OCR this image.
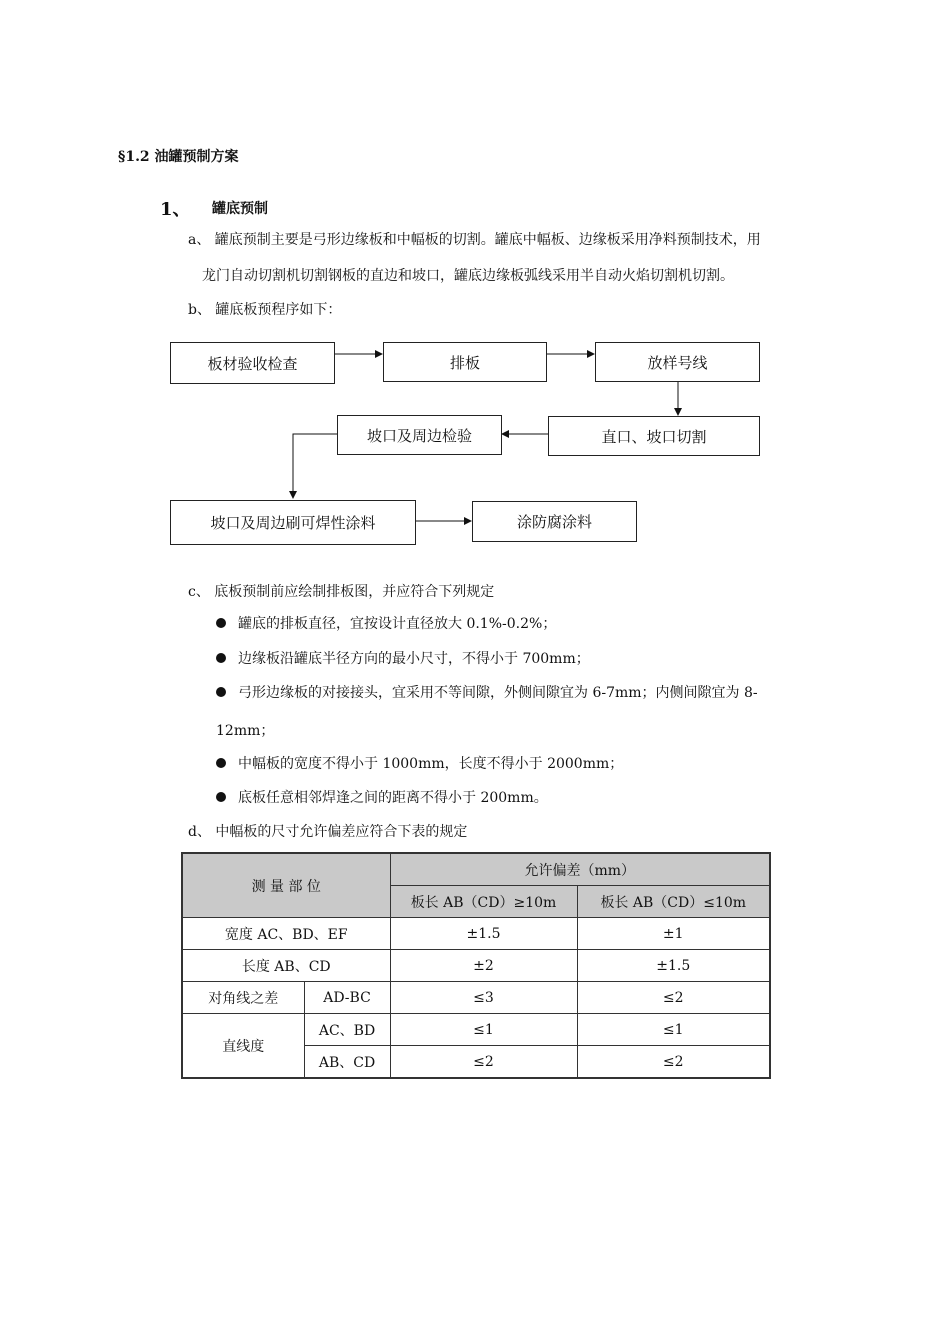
§1.2 油罐预制方案
1、 罐底预制
a、 罐底预制主要是弓形边缘板和中幅板的切割。罐底中幅板、边缘板采用净料预制技术，用
龙门自动切割机切割钢板的直边和坡口，罐底边缘板弧线采用半自动火焰切割机切割。
b、 罐底板预程序如下：
板材验收检查	排板	放样号线
直口、坡口切割
坡口及周边检验
坡口及周边刷可焊性涂料	涂防腐涂料
c、 底板预制前应绘制排板图，并应符合下列规定
罐底的排板直径，宜按设计直径放大 0.1%-0.2%；
边缘板沿罐底半径方向的最小尺寸，不得小于 700mm；
弓形边缘板的对接接头，宜采用不等间隙，外侧间隙宜为 6-7mm；内侧间隙宜为 8-
12mm；
中幅板的宽度不得小于 1000mm，长度不得小于 2000mm；
底板任意相邻焊逢之间的距离不得小于 200mm。
d、 中幅板的尺寸允许偏差应符合下表的规定
测 量 部 位		允许偏差（mm）	
		板长 AB（CD）≥10m	板长 AB（CD）≤10m
宽度 AC、BD、EF		±1.5	±1
长度 AB、CD		±2	±1.5
对角线之差	AD-BC	≤3	≤2
直线度	AC、BD	≤1	≤1
	AB、CD	≤2	≤2
